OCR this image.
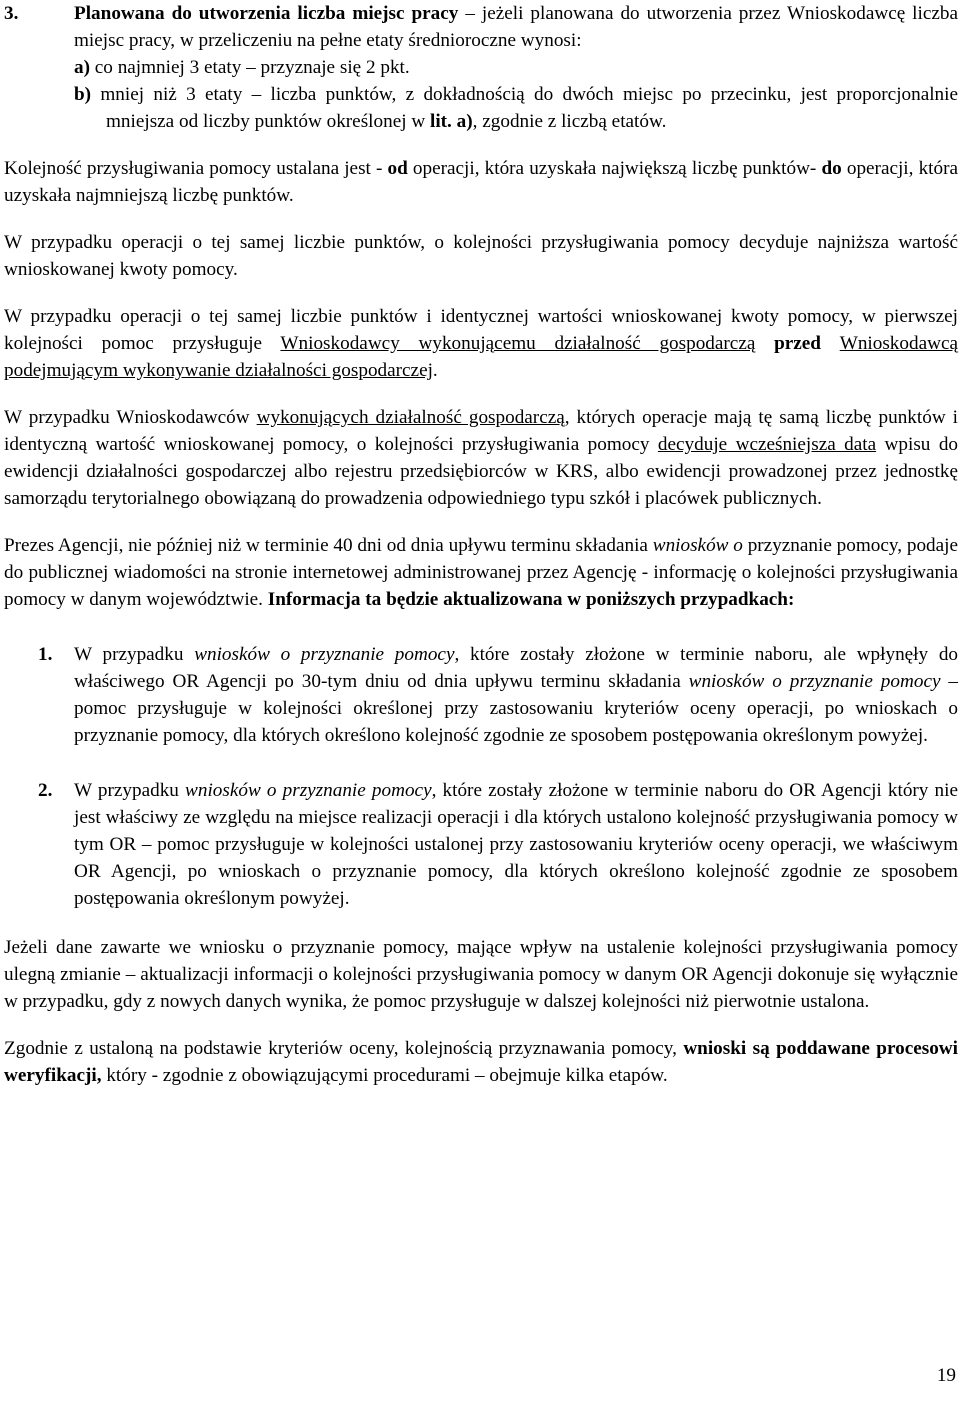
3.	Planowana do utworzenia liczba miejsc pracy – jeżeli planowana do utworzenia przez Wnioskodawcę liczba miejsc pracy, w przeliczeniu na pełne etaty średnioroczne wynosi:

a) co najmniej 3 etaty – przyznaje się 2 pkt.

b) mniej niż 3 etaty – liczba punktów, z dokładnością do dwóch miejsc po przecinku, jest proporcjonalnie mniejsza od liczby punktów określonej w lit. a), zgodnie z liczbą etatów.

Kolejność przysługiwania pomocy ustalana jest - od operacji, która uzyskała największą liczbę punktów- do operacji, która uzyskała najmniejszą liczbę punktów.

W przypadku operacji o tej samej liczbie punktów, o kolejności przysługiwania pomocy decyduje najniższa wartość wnioskowanej kwoty pomocy.

W przypadku operacji o tej samej liczbie punktów i identycznej wartości wnioskowanej kwoty pomocy, w pierwszej kolejności pomoc przysługuje Wnioskodawcy wykonującemu działalność gospodarczą przed Wnioskodawcą podejmującym wykonywanie działalności gospodarczej.

W przypadku Wnioskodawców wykonujących działalność gospodarczą, których operacje mają tę samą liczbę punktów i identyczną wartość wnioskowanej pomocy, o kolejności przysługiwania pomocy decyduje wcześniejsza data wpisu do ewidencji działalności gospodarczej albo rejestru przedsiębiorców w KRS, albo ewidencji prowadzonej przez jednostkę samorządu terytorialnego obowiązaną do prowadzenia odpowiedniego typu szkół i placówek publicznych.

Prezes Agencji, nie później niż w terminie 40 dni od dnia upływu terminu składania wniosków o przyznanie pomocy, podaje do publicznej wiadomości na stronie internetowej administrowanej przez Agencję - informację o kolejności przysługiwania pomocy w danym województwie. Informacja ta będzie aktualizowana w poniższych przypadkach:

1. W przypadku wniosków o przyznanie pomocy, które zostały złożone w terminie naboru, ale wpłynęły do właściwego OR Agencji po 30-tym dniu od dnia upływu terminu składania wniosków o przyznanie pomocy – pomoc przysługuje w kolejności określonej przy zastosowaniu kryteriów oceny operacji, po wnioskach o przyznanie pomocy, dla których określono kolejność zgodnie ze sposobem postępowania określonym powyżej.

2. W przypadku wniosków o przyznanie pomocy, które zostały złożone w terminie naboru do OR Agencji który nie jest właściwy ze względu na miejsce realizacji operacji i dla których ustalono kolejność przysługiwania pomocy w tym OR – pomoc przysługuje w kolejności ustalonej przy zastosowaniu kryteriów oceny operacji, we właściwym OR Agencji, po wnioskach o przyznanie pomocy, dla których określono kolejność zgodnie ze sposobem postępowania określonym powyżej.

Jeżeli dane zawarte we wniosku o przyznanie pomocy, mające wpływ na ustalenie kolejności przysługiwania pomocy ulegną zmianie – aktualizacji informacji o kolejności przysługiwania pomocy w danym OR Agencji dokonuje się wyłącznie w przypadku, gdy z nowych danych wynika, że pomoc przysługuje w dalszej kolejności niż pierwotnie ustalona.

Zgodnie z ustaloną na podstawie kryteriów oceny, kolejnością przyznawania pomocy, wnioski są poddawane procesowi weryfikacji, który - zgodnie z obowiązującymi procedurami – obejmuje kilka etapów.

19
